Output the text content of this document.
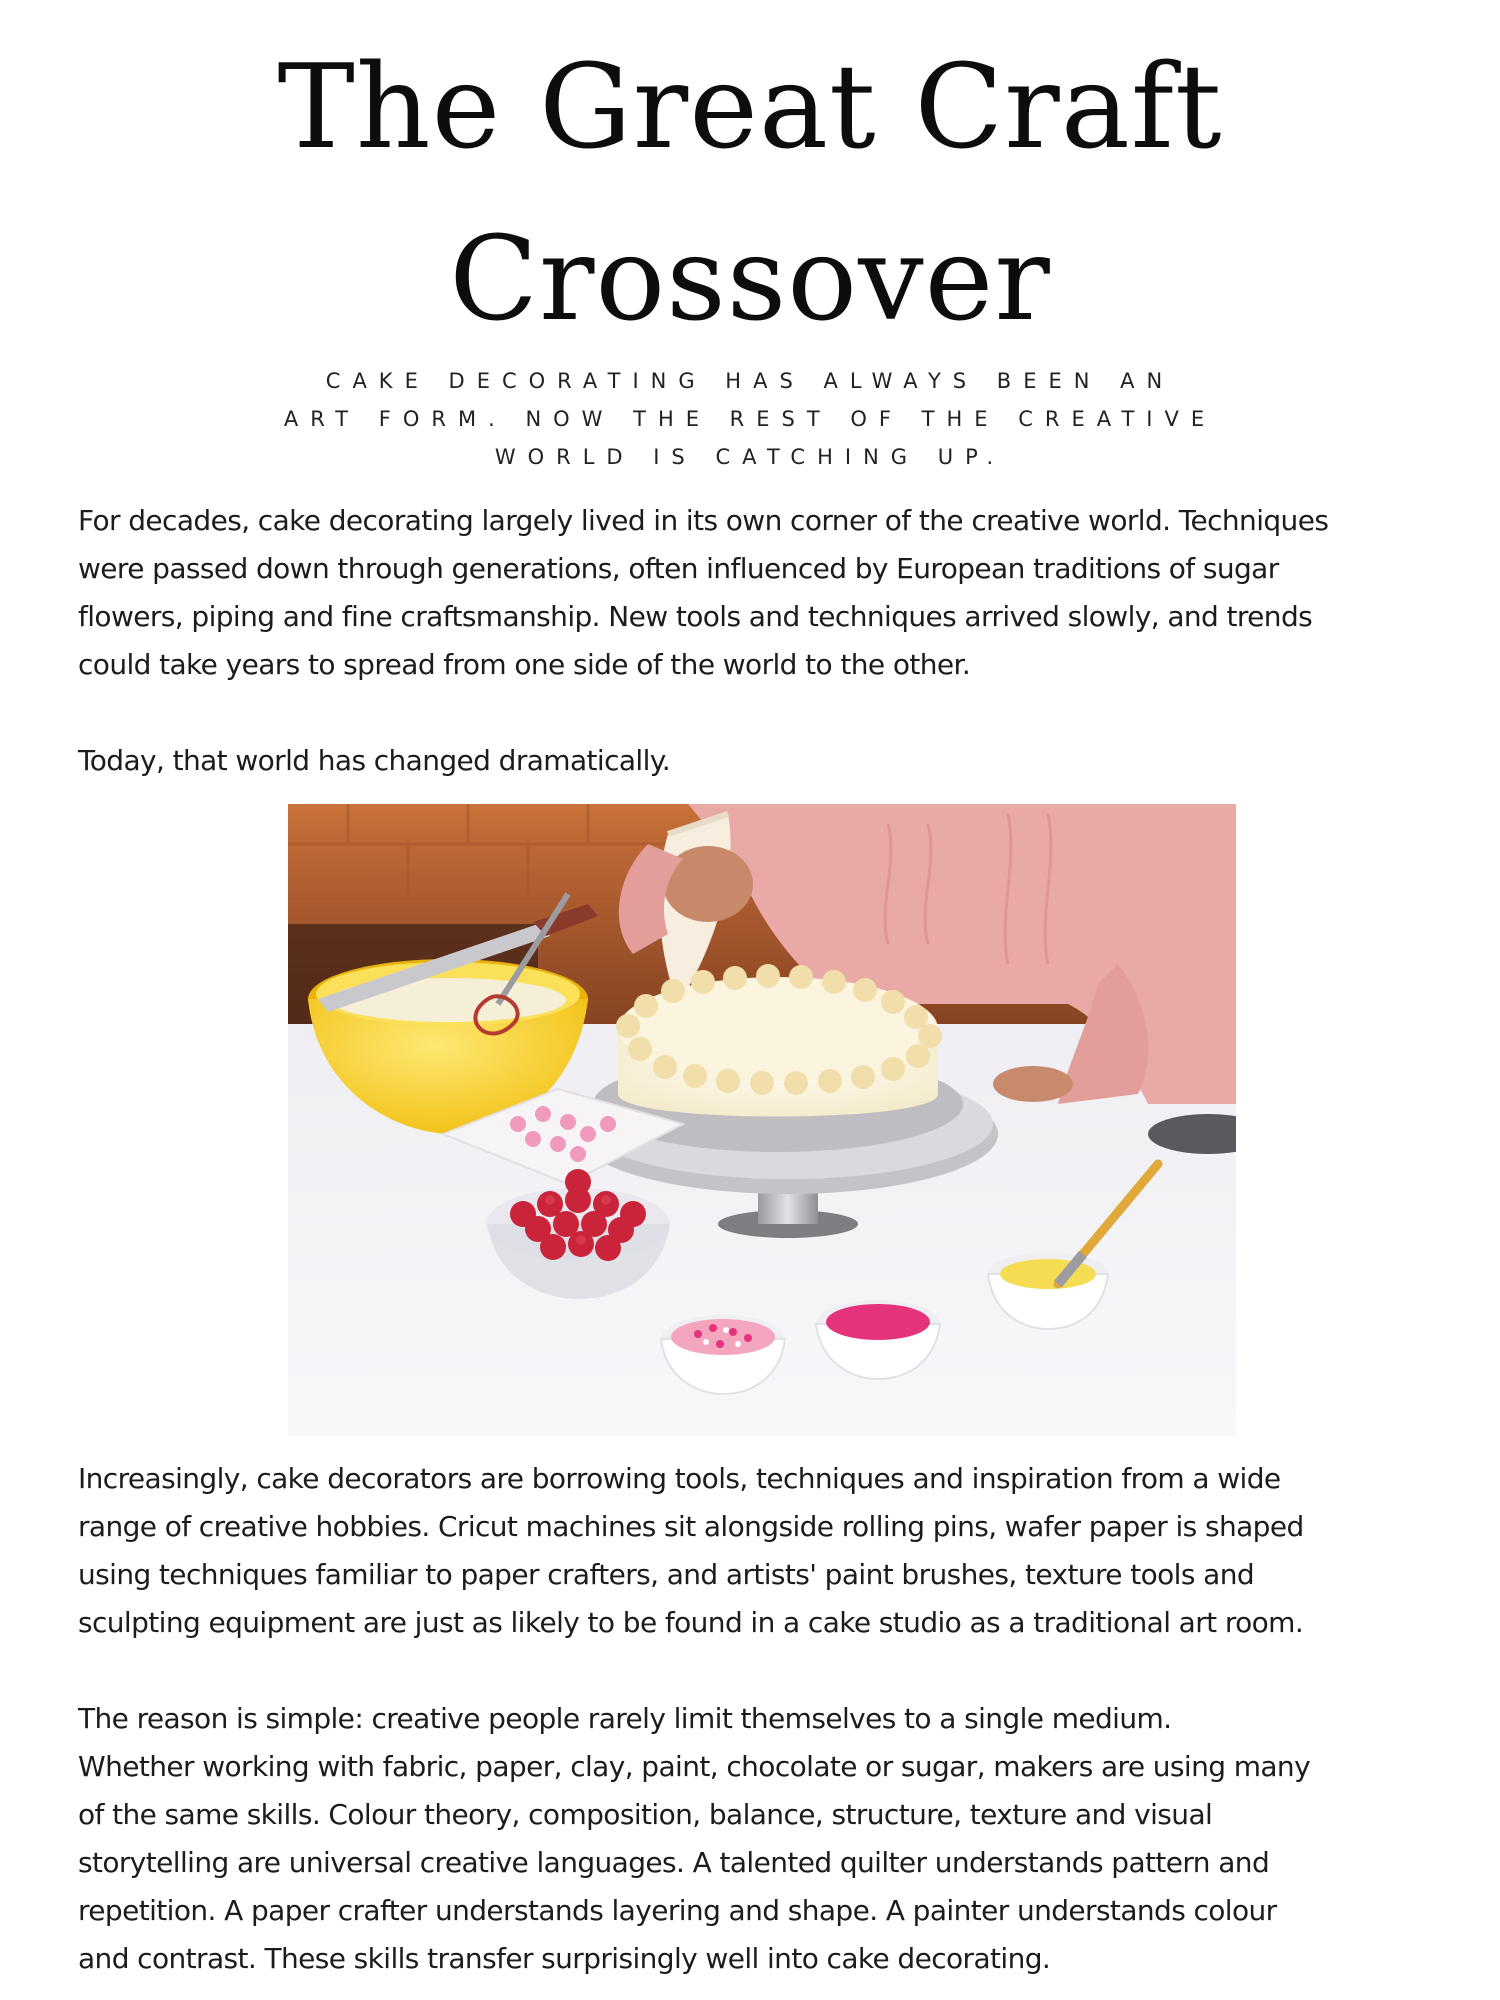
The Great Craft
Crossover

CAKE DECORATING HAS ALWAYS BEEN AN

ART FORM. NOW THE REST OF THE CREATIVE

WORLD IS CATCHING UP.

For decades, cake decorating largely lived in its own corner of the creative world. Techniques
were passed down through generations, often influenced by European traditions of sugar
flowers, piping and fine craftsmanship. New tools and techniques arrived slowly, and trends
could take years to spread from one side of the world to the other.
Today, that world has changed dramatically.
Increasingly, cake decorators are borrowing tools, techniques and inspiration from a wide
range of creative hobbies. Cricut machines sit alongside rolling pins, wafer paper is shaped
using techniques familiar to paper crafters, and artists' paint brushes, texture tools and
sculpting equipment are just as likely to be found in a cake studio as a traditional art room.
The reason is simple: creative people rarely limit themselves to a single medium.
Whether working with fabric, paper, clay, paint, chocolate or sugar, makers are using many
of the same skills. Colour theory, composition, balance, structure, texture and visual
storytelling are universal creative languages. A talented quilter understands pattern and
repetition. A paper crafter understands layering and shape. A painter understands colour
and contrast. These skills transfer surprisingly well into cake decorating.
